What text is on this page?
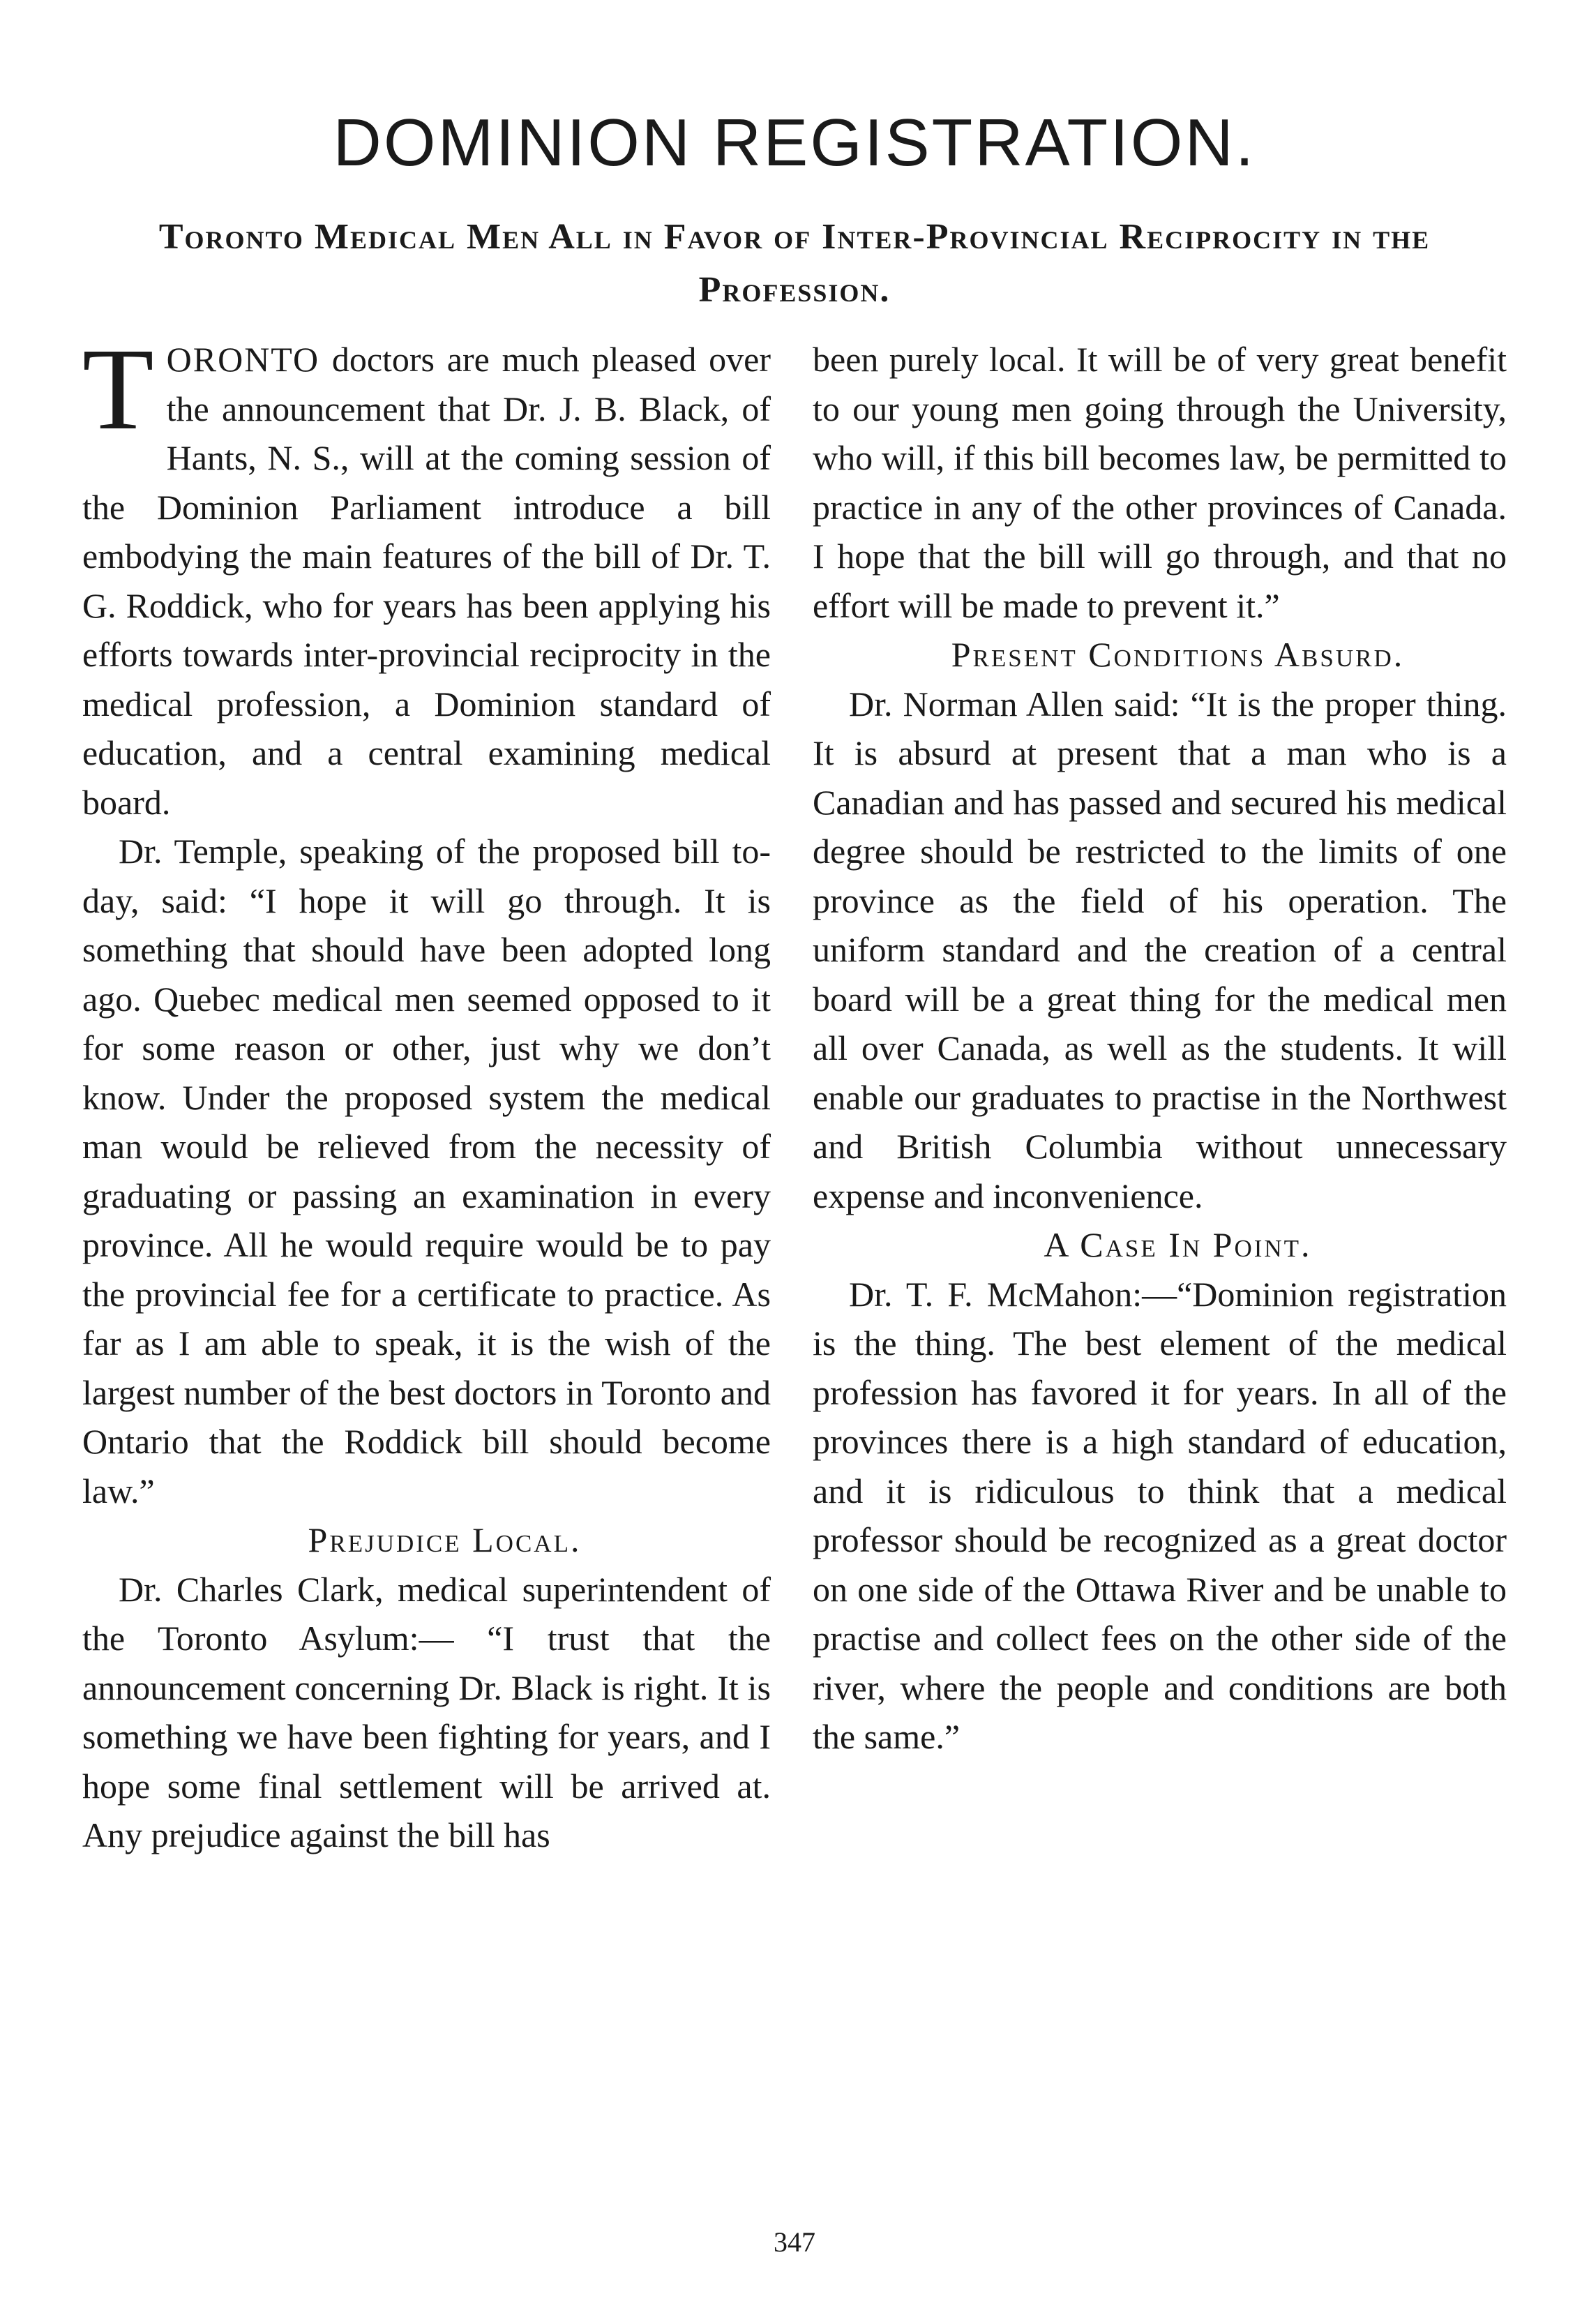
DOMINION REGISTRATION.
Toronto Medical Men All in Favor of Inter-Provincial Reciprocity in the Profession.

TORONTO doctors are much pleased over the announcement that Dr. J. B. Black, of Hants, N. S., will at the coming session of the Dominion Parliament introduce a bill embodying the main features of the bill of Dr. T. G. Roddick, who for years has been applying his efforts towards inter-provincial reciprocity in the medical profession, a Dominion standard of education, and a central examining medical board.

Dr. Temple, speaking of the proposed bill to-day, said: “I hope it will go through. It is something that should have been adopted long ago. Quebec medical men seemed opposed to it for some reason or other, just why we don’t know. Under the proposed system the medical man would be relieved from the necessity of graduating or passing an examination in every province. All he would require would be to pay the provincial fee for a certificate to practice. As far as I am able to speak, it is the wish of the largest number of the best doctors in Toronto and Ontario that the Roddick bill should become law.”

Prejudice Local.

Dr. Charles Clark, medical superintendent of the Toronto Asylum:— “I trust that the announcement concerning Dr. Black is right. It is something we have been fighting for years, and I hope some final settlement will be arrived at. Any prejudice against the bill has

been purely local. It will be of very great benefit to our young men going through the University, who will, if this bill becomes law, be permitted to practice in any of the other provinces of Canada. I hope that the bill will go through, and that no effort will be made to prevent it.”

Present Conditions Absurd.

Dr. Norman Allen said: “It is the proper thing. It is absurd at present that a man who is a Canadian and has passed and secured his medical degree should be restricted to the limits of one province as the field of his operation. The uniform standard and the creation of a central board will be a great thing for the medical men all over Canada, as well as the students. It will enable our graduates to practise in the Northwest and British Columbia without unnecessary expense and inconvenience.

A Case In Point.

Dr. T. F. McMahon:—“Dominion registration is the thing. The best element of the medical profession has favored it for years. In all of the provinces there is a high standard of education, and it is ridiculous to think that a medical professor should be recognized as a great doctor on one side of the Ottawa River and be unable to practise and collect fees on the other side of the river, where the people and conditions are both the same.”

347
